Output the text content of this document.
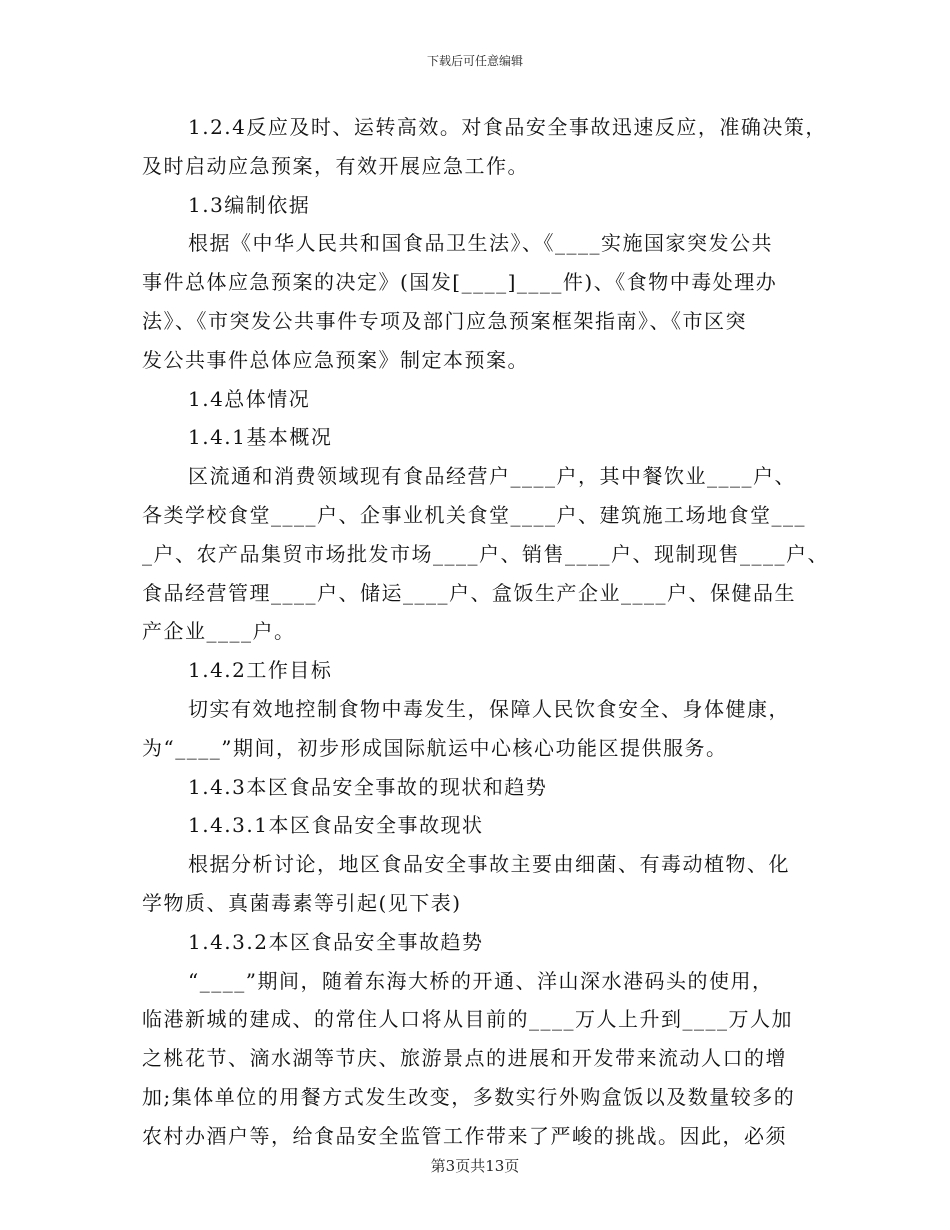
下载后可任意编辑
1.2.4反应及时、运转高效。对食品安全事故迅速反应，准确决策，
及时启动应急预案，有效开展应急工作。
1.3编制依据
根据《中华人民共和国食品卫生法》、《____实施国家突发公共
事件总体应急预案的决定》(国发[____]____件)、《食物中毒处理办
法》、《市突发公共事件专项及部门应急预案框架指南》、《市区突
发公共事件总体应急预案》制定本预案。
1.4总体情况
1.4.1基本概况
区流通和消费领域现有食品经营户____户，其中餐饮业____户、
各类学校食堂____户、企事业机关食堂____户、建筑施工场地食堂___
_户、农产品集贸市场批发市场____户、销售____户、现制现售____户、
食品经营管理____户、储运____户、盒饭生产企业____户、保健品生
产企业____户。
1.4.2工作目标
切实有效地控制食物中毒发生，保障人民饮食安全、身体健康，
为“____”期间，初步形成国际航运中心核心功能区提供服务。
1.4.3本区食品安全事故的现状和趋势
1.4.3.1本区食品安全事故现状
根据分析讨论，地区食品安全事故主要由细菌、有毒动植物、化
学物质、真菌毒素等引起(见下表)
1.4.3.2本区食品安全事故趋势
“____”期间，随着东海大桥的开通、洋山深水港码头的使用，
临港新城的建成、的常住人口将从目前的____万人上升到____万人加
之桃花节、滴水湖等节庆、旅游景点的进展和开发带来流动人口的增
加;集体单位的用餐方式发生改变，多数实行外购盒饭以及数量较多的
农村办酒户等，给食品安全监管工作带来了严峻的挑战。因此，必须
第3页共13页
